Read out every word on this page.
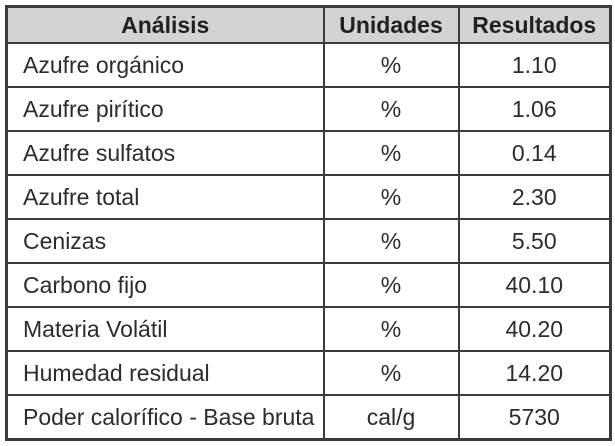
Análisis	Unidades	Resultados
Azufre orgánico	%	1.10
Azufre pirítico	%	1.06
Azufre sulfatos	%	0.14
Azufre total	%	2.30
Cenizas	%	5.50
Carbono fijo	%	40.10
Materia Volátil	%	40.20
Humedad residual	%	14.20
Poder calorífico - Base bruta	cal/g	5730
